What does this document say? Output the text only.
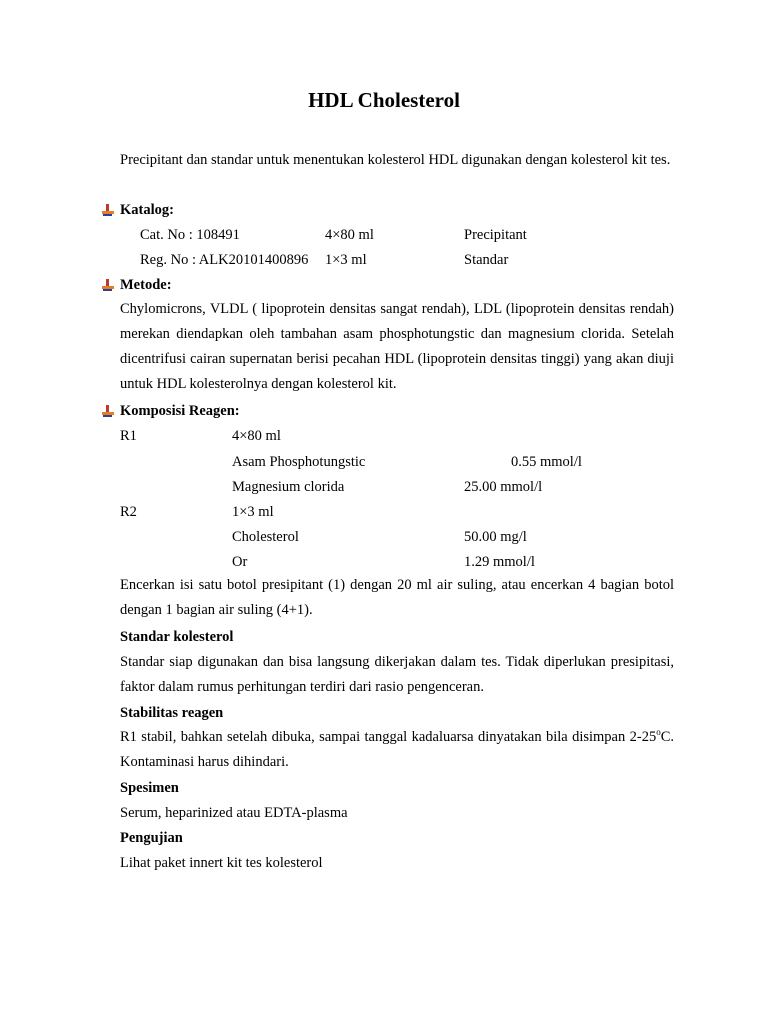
HDL Cholesterol
Precipitant dan standar untuk menentukan kolesterol HDL digunakan dengan kolesterol kit tes.
Katalog:
Cat. No : 108491	4×80 ml	Precipitant
Reg. No : ALK20101400896 1×3 ml	Standar
Metode:
Chylomicrons, VLDL ( lipoprotein densitas sangat rendah), LDL (lipoprotein densitas rendah) merekan diendapkan oleh tambahan asam phosphotungstic dan magnesium clorida. Setelah dicentrifusi cairan supernatan berisi pecahan HDL (lipoprotein densitas tinggi) yang akan diuji untuk HDL kolesterolnya dengan kolesterol kit.
Komposisi Reagen:
R1	4×80 ml
Asam Phosphotungstic	0.55 mmol/l
Magnesium clorida	25.00 mmol/l
R2	1×3 ml
Cholesterol	50.00 mg/l
Or	1.29 mmol/l
Encerkan isi satu botol presipitant (1) dengan 20 ml air suling, atau encerkan 4 bagian botol dengan 1 bagian air suling (4+1).
Standar kolesterol
Standar siap digunakan dan bisa langsung dikerjakan dalam tes. Tidak diperlukan presipitasi, faktor dalam rumus perhitungan terdiri dari rasio pengenceran.
Stabilitas reagen
R1 stabil, bahkan setelah dibuka, sampai tanggal kadaluarsa dinyatakan bila disimpan 2-25$^o$C. Kontaminasi harus dihindari.
Spesimen
Serum, heparinized atau EDTA-plasma
Pengujian
Lihat paket innert kit tes kolesterol
